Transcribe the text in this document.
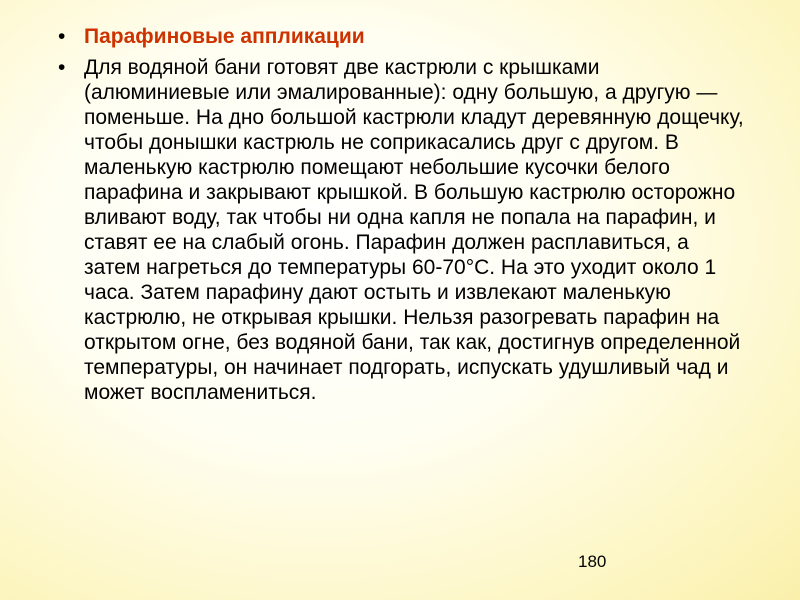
• Парафиновые аппликации
• Для водяной бани готовят две кастрюли с крышками (алюминиевые или эмалированные): одну большую, а другую — поменьше. На дно большой кастрюли кладут деревянную дощечку, чтобы донышки кастрюль не соприкасались друг с другом. В маленькую кастрюлю помещают небольшие кусочки белого парафина и закрывают крышкой. В большую кастрюлю осторожно вливают воду, так чтобы ни одна капля не попала на парафин, и ставят ее на слабый огонь. Парафин должен расплавиться, а затем нагреться до температуры 60-70°С. На это уходит около 1 часа. Затем парафину дают остыть и извлекают маленькую кастрюлю, не открывая крышки. Нельзя разогревать парафин на открытом огне, без водяной бани, так как, достигнув определенной температуры, он начинает подгорать, испускать удушливый чад и может воспламениться.
180
